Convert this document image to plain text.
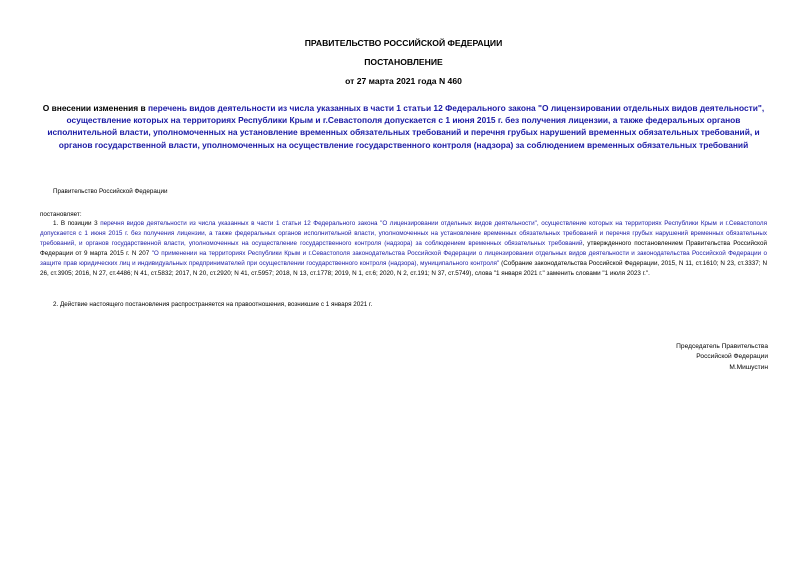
ПРАВИТЕЛЬСТВО РОССИЙСКОЙ ФЕДЕРАЦИИ
ПОСТАНОВЛЕНИЕ
от 27 марта 2021 года N 460
О внесении изменения в перечень видов деятельности из числа указанных в части 1 статьи 12 Федерального закона "О лицензировании отдельных видов деятельности", осуществление которых на территориях Республики Крым и г.Севастополя допускается с 1 июня 2015 г. без получения лицензии, а также федеральных органов исполнительной власти, уполномоченных на установление временных обязательных требований и перечня грубых нарушений временных обязательных требований, и органов государственной власти, уполномоченных на осуществление государственного контроля (надзора) за соблюдением временных обязательных требований
Правительство Российской Федерации
постановляет:
1. В позиции 3 перечня видов деятельности из числа указанных в части 1 статьи 12 Федерального закона "О лицензировании отдельных видов деятельности", осуществление которых на территориях Республики Крым и г.Севастополя допускается с 1 июня 2015 г. без получения лицензии, а также федеральных органов исполнительной власти, уполномоченных на установление временных обязательных требований и перечня грубых нарушений временных обязательных требований, и органов государственной власти, уполномоченных на осуществление государственного контроля (надзора) за соблюдением временных обязательных требований, утвержденного постановлением Правительства Российской Федерации от 9 марта 2015 г. N 207 "О применении на территориях Республики Крым и г.Севастополя законодательства Российской Федерации о лицензировании отдельных видов деятельности и законодательства Российской Федерации о защите прав юридических лиц и индивидуальных предпринимателей при осуществлении государственного контроля (надзора), муниципального контроля" (Собрание законодательства Российской Федерации, 2015, N 11, ст.1610; N 23, ст.3337; N 26, ст.3905; 2016, N 27, ст.4486; N 41, ст.5832; 2017, N 20, ст.2920; N 41, ст.5957; 2018, N 13, ст.1778; 2019, N 1, ст.6; 2020, N 2, ст.191; N 37, ст.5749), слова "1 января 2021 г." заменить словами "1 июля 2023 г.".
2. Действие настоящего постановления распространяется на правоотношения, возникшие с 1 января 2021 г.
Председатель Правительства
Российской Федерации
М.Мишустин
